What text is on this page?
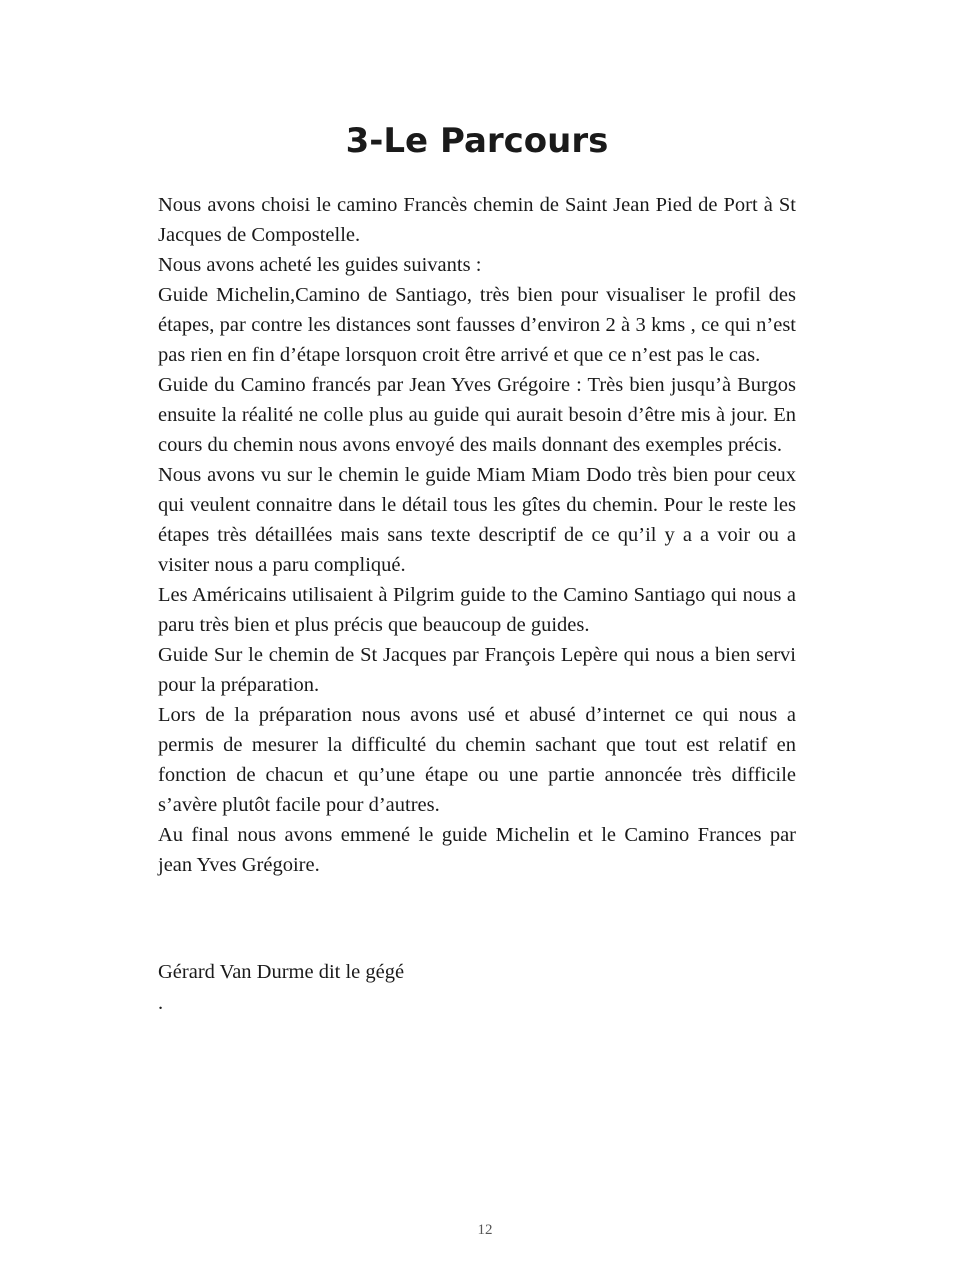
3-Le Parcours

Nous avons choisi le camino Francès chemin de Saint Jean Pied de Port à St Jacques de Compostelle.

Nous avons acheté les guides suivants :

Guide Michelin,Camino de Santiago, très bien pour visualiser le profil des étapes, par contre les distances sont fausses d’environ 2 à 3 kms , ce qui n’est pas rien en fin d’étape lorsquon croit être arrivé et que ce n’est pas le cas.

Guide du Camino francés par Jean Yves Grégoire : Très bien jusqu’à Burgos ensuite la réalité ne colle plus au guide qui aurait besoin d’être mis à jour. En cours du chemin nous avons envoyé des mails donnant des exemples précis.

Nous avons vu sur le chemin le guide Miam Miam Dodo très bien pour ceux qui veulent connaitre dans le détail tous les gîtes du chemin. Pour le reste les étapes très détaillées mais sans texte descriptif de ce qu’il y a a voir ou a visiter nous a paru compliqué.

Les Américains utilisaient à Pilgrim guide to the Camino Santiago qui nous a paru très bien et plus précis que beaucoup de guides.

Guide Sur le chemin de St Jacques par François Lepère qui nous a bien servi pour la préparation.

Lors de la préparation nous avons usé et abusé d’internet ce qui nous a permis de mesurer la difficulté du chemin sachant que tout est relatif en fonction de chacun et qu’une étape ou une partie annoncée très difficile s’avère plutôt facile pour d’autres.

Au final nous avons emmené le guide Michelin et le Camino Frances par jean Yves Grégoire.

Gérard Van Durme dit le gégé

.

12
